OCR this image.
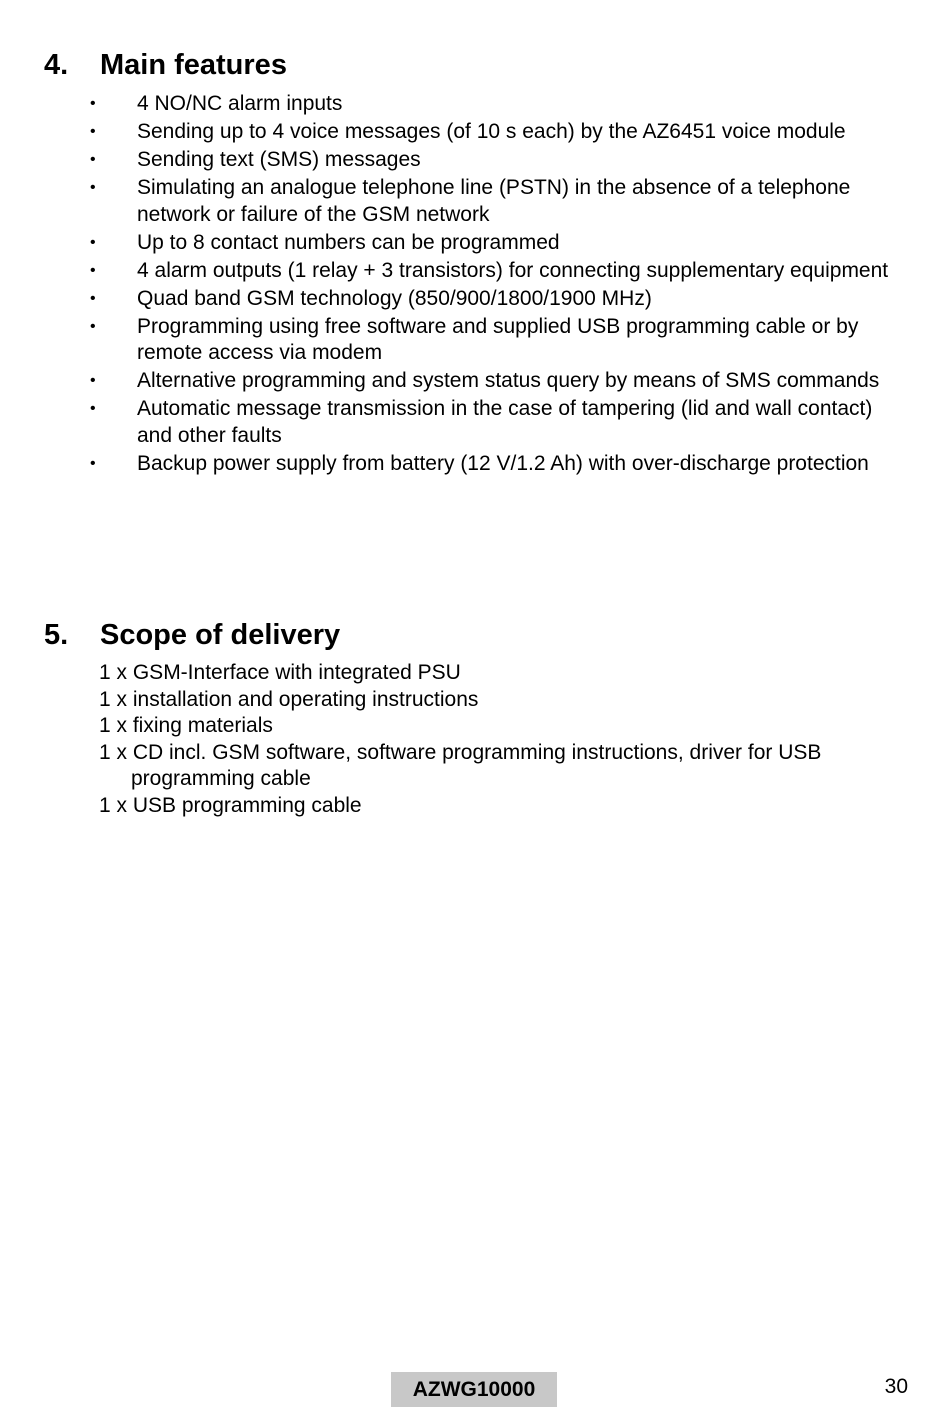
4. Main features
• 4 NO/NC alarm inputs
• Sending up to 4 voice messages (of 10 s each) by the AZ6451 voice module
• Sending text (SMS) messages
• Simulating an analogue telephone line (PSTN) in the absence of a telephone network or failure of the GSM network
• Up to 8 contact numbers can be programmed
• 4 alarm outputs (1 relay + 3 transistors) for connecting supplementary equipment
• Quad band GSM technology (850/900/1800/1900 MHz)
• Programming using free software and supplied USB programming cable or by remote access via modem
• Alternative programming and system status query by means of SMS commands
• Automatic message transmission in the case of tampering (lid and wall contact) and other faults
• Backup power supply from battery (12 V/1.2 Ah) with over-discharge protection
5. Scope of delivery
1 x GSM-Interface with integrated PSU
1 x installation and operating instructions
1 x fixing materials
1 x CD incl. GSM software, software programming instructions, driver for USB programming cable
1 x USB programming cable
AZWG10000	30
